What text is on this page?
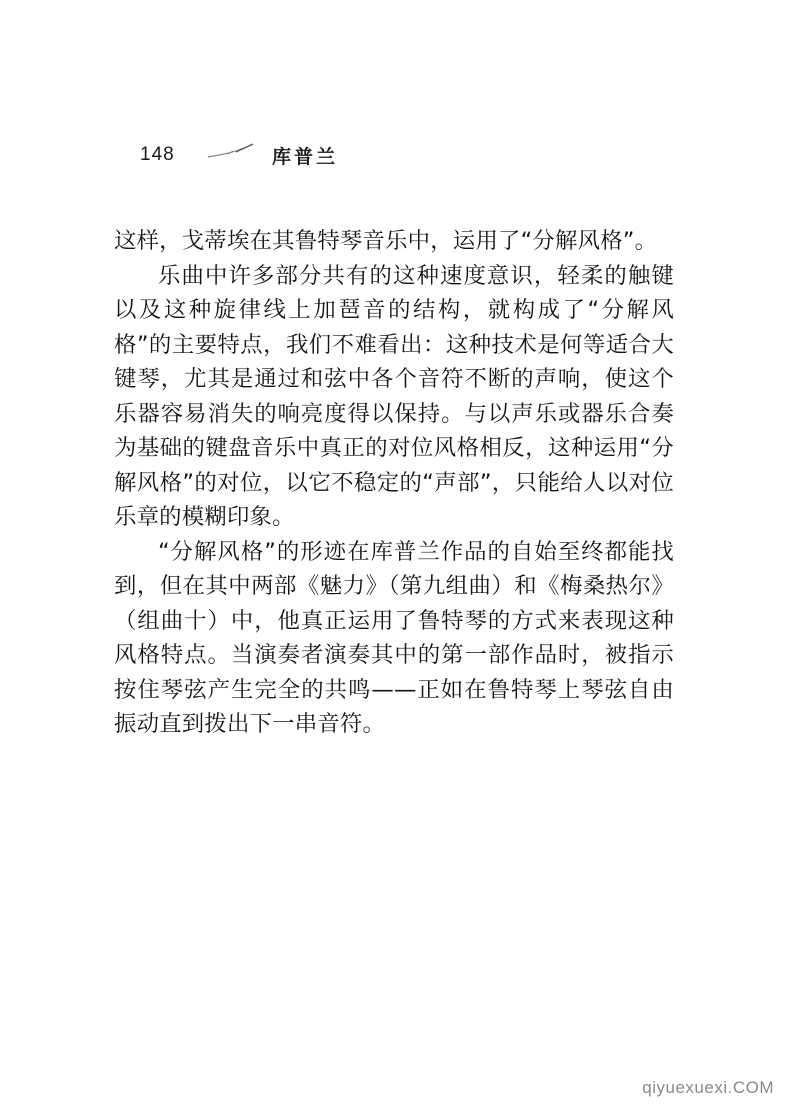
148	库普兰

这样，戈蒂埃在其鲁特琴音乐中，运用了“分解风格”。

乐曲中许多部分共有的这种速度意识，轻柔的触键以及这种旋律线上加琶音的结构，就构成了“分解风格”的主要特点，我们不难看出：这种技术是何等适合大键琴，尤其是通过和弦中各个音符不断的声响，使这个乐器容易消失的响亮度得以保持。与以声乐或器乐合奏为基础的键盘音乐中真正的对位风格相反，这种运用“分解风格”的对位，以它不稳定的“声部”，只能给人以对位乐章的模糊印象。

“分解风格”的形迹在库普兰作品的自始至终都能找到，但在其中两部《魅力》（第九组曲）和《梅桑热尔》（组曲十）中，他真正运用了鲁特琴的方式来表现这种风格特点。当演奏者演奏其中的第一部作品时，被指示按住琴弦产生完全的共鸣——正如在鲁特琴上琴弦自由振动直到拨出下一串音符。

qiyuexuexi.COM
